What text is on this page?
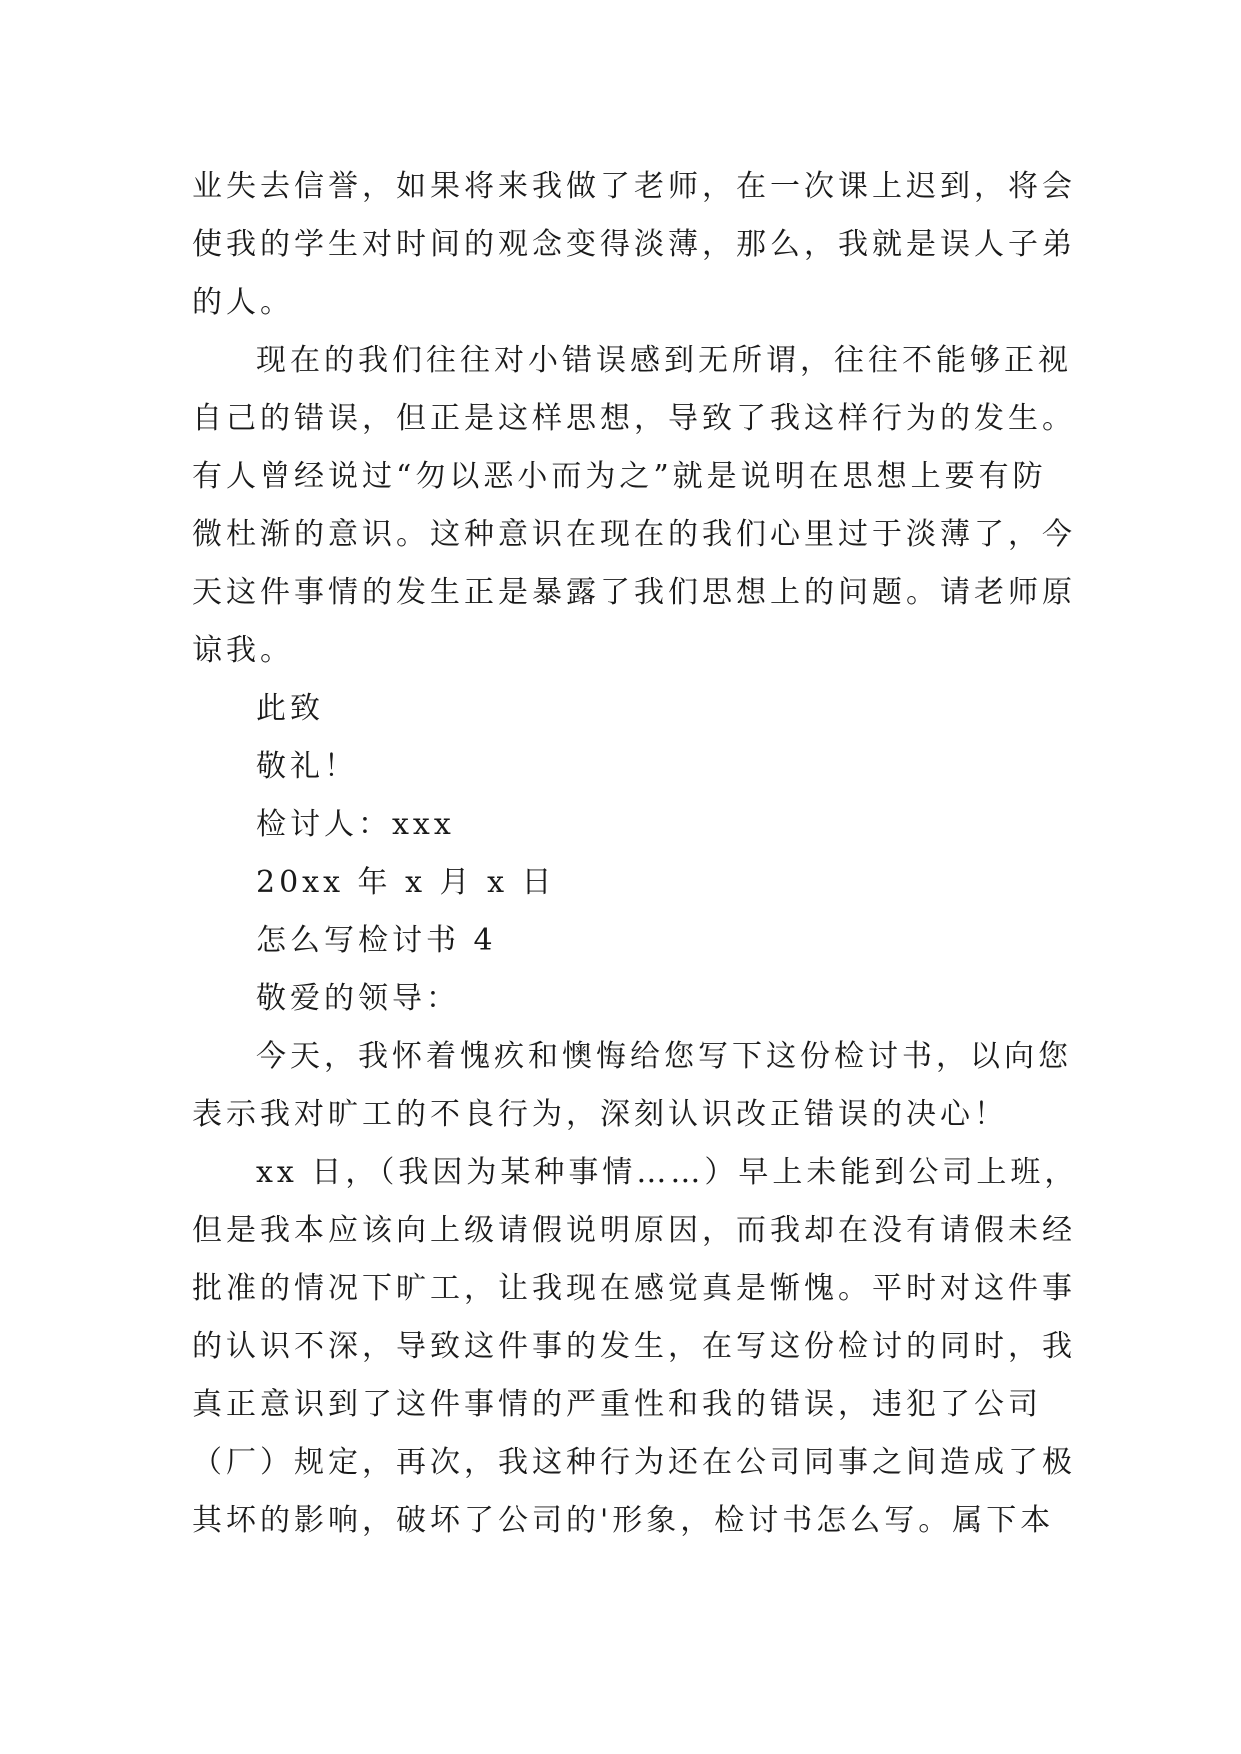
业失去信誉，如果将来我做了老师，在一次课上迟到，将会
使我的学生对时间的观念变得淡薄，那么，我就是误人子弟
的人。
现在的我们往往对小错误感到无所谓，往往不能够正视
自己的错误，但正是这样思想，导致了我这样行为的发生。
有人曾经说过“勿以恶小而为之”就是说明在思想上要有防
微杜渐的意识。这种意识在现在的我们心里过于淡薄了，今
天这件事情的发生正是暴露了我们思想上的问题。请老师原
谅我。
此致
敬礼！
检讨人：xxx
20xx 年 x 月 x 日
怎么写检讨书 4
敬爱的领导：
今天，我怀着愧疚和懊悔给您写下这份检讨书，以向您
表示我对旷工的不良行为，深刻认识改正错误的决心！
xx 日，（我因为某种事情……）早上未能到公司上班，
但是我本应该向上级请假说明原因，而我却在没有请假未经
批准的情况下旷工，让我现在感觉真是惭愧。平时对这件事
的认识不深，导致这件事的发生，在写这份检讨的同时，我
真正意识到了这件事情的严重性和我的错误，违犯了公司
（厂）规定，再次，我这种行为还在公司同事之间造成了极
其坏的影响，破坏了公司的'形象，检讨书怎么写。属下本
